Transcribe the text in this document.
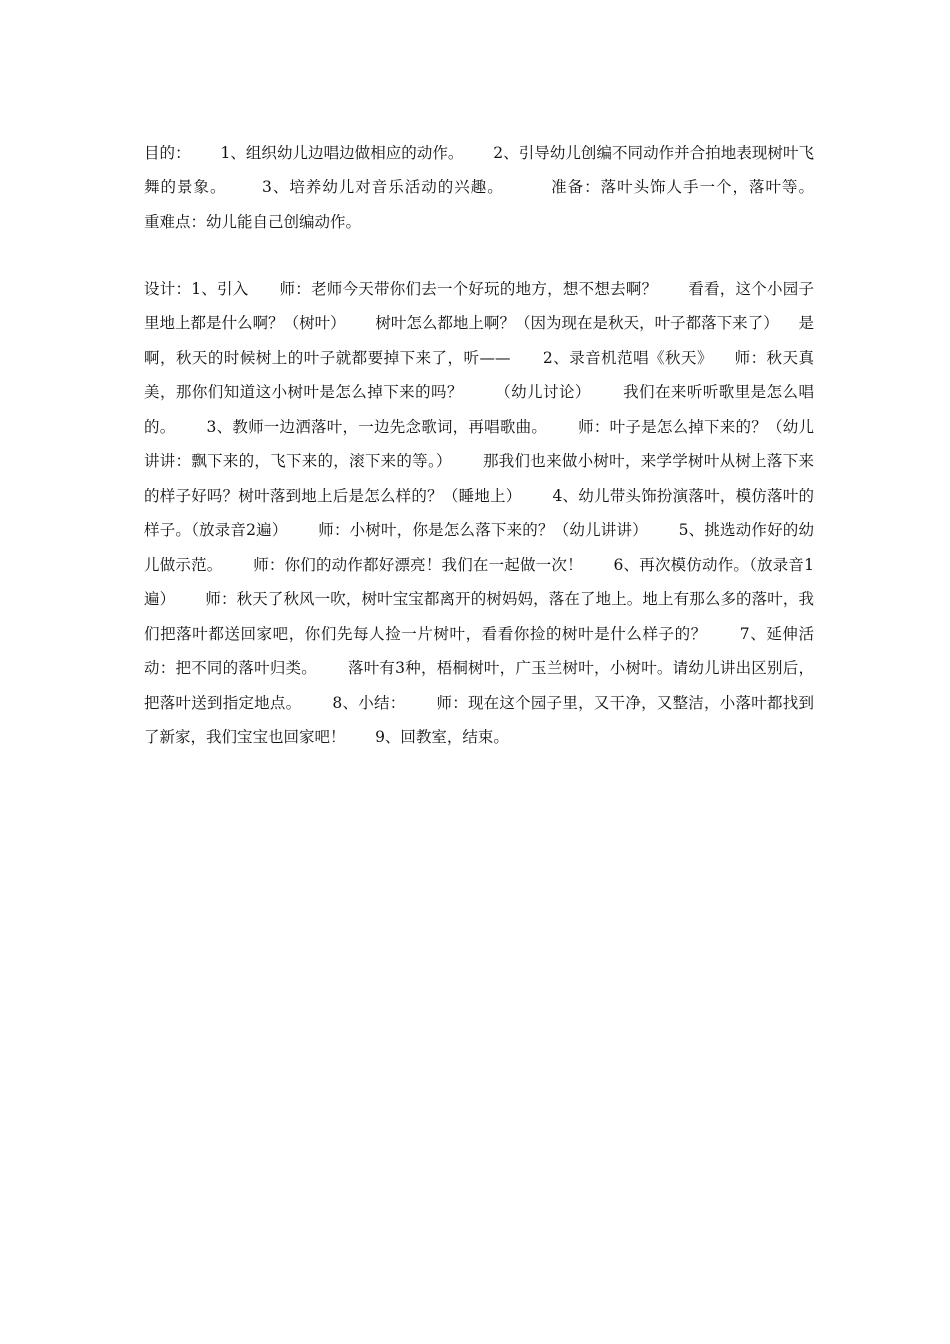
目的：      1、组织幼儿边唱边做相应的动作。      2、引导幼儿创编不同动作并合拍地表现树叶飞舞的景象。      3、培养幼儿对音乐活动的兴趣。        准备：落叶头饰人手一个，落叶等。          重难点：幼儿能自己创编动作。

设计：1、引入      师：老师今天带你们去一个好玩的地方，想不想去啊？      看看，这个小园子里地上都是什么啊？（树叶）      树叶怎么都地上啊？（因为现在是秋天，叶子都落下来了）    是啊，秋天的时候树上的叶子就都要掉下来了，听——      2、录音机范唱《秋天》    师：秋天真美，那你们知道这小树叶是怎么掉下来的吗？      （幼儿讨论）      我们在来听听歌里是怎么唱的。      3、教师一边洒落叶，一边先念歌词，再唱歌曲。      师：叶子是怎么掉下来的？（幼儿讲讲：飘下来的，飞下来的，滚下来的等。）      那我们也来做小树叶，来学学树叶从树上落下来的样子好吗？树叶落到地上后是怎么样的？（睡地上）      4、幼儿带头饰扮演落叶，模仿落叶的样子。（放录音2遍）      师：小树叶，你是怎么落下来的？（幼儿讲讲）      5、挑选动作好的幼儿做示范。      师：你们的动作都好漂亮！我们在一起做一次！      6、再次模仿动作。（放录音1遍）      师：秋天了秋风一吹，树叶宝宝都离开的树妈妈，落在了地上。地上有那么多的落叶，我们把落叶都送回家吧，你们先每人捡一片树叶，看看你捡的树叶是什么样子的？      7、延伸活动：把不同的落叶归类。      落叶有3种，梧桐树叶，广玉兰树叶，小树叶。请幼儿讲出区别后，把落叶送到指定地点。      8、小结：      师：现在这个园子里，又干净，又整洁，小落叶都找到了新家，我们宝宝也回家吧！      9、回教室，结束。
